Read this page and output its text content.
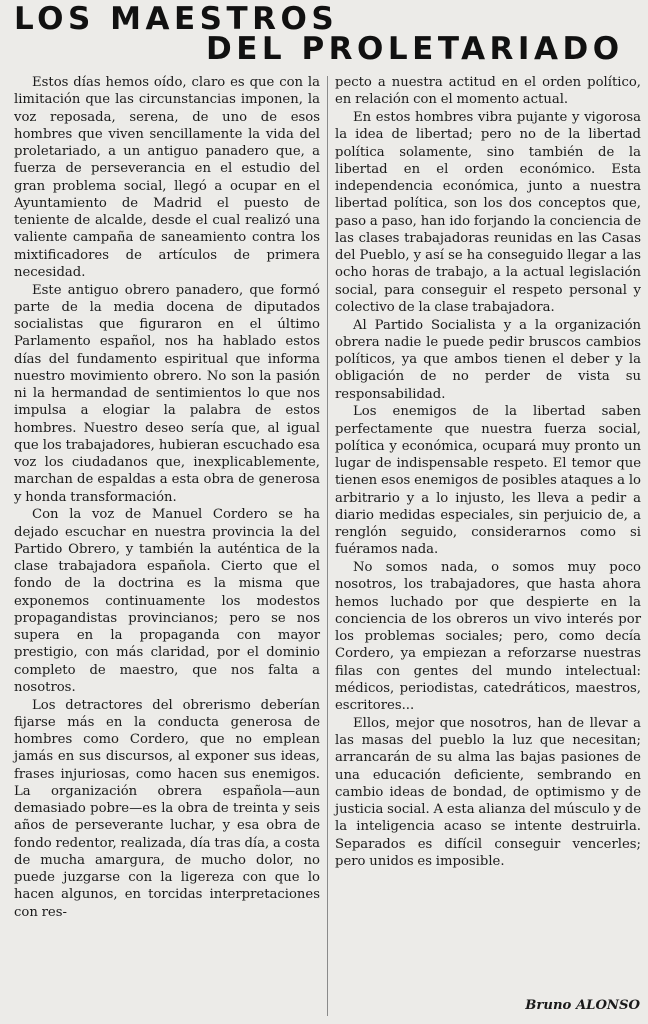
LOS MAESTROS
DEL PROLETARIADO

Estos días hemos oído, claro es que con la limitación que las circunstancias imponen, la voz reposada, serena, de uno de esos hombres que viven sencillamente la vida del proletariado, a un antiguo panadero que, a fuerza de perseverancia en el estudio del gran problema social, llegó a ocupar en el Ayuntamiento de Madrid el puesto de teniente de alcalde, desde el cual realizó una valiente campaña de saneamiento contra los mixtificadores de artículos de primera necesidad.

Este antiguo obrero panadero, que formó parte de la media docena de diputados socialistas que figuraron en el último Parlamento español, nos ha hablado estos días del fundamento espiritual que informa nuestro movimiento obrero. No son la pasión ni la hermandad de sentimientos lo que nos impulsa a elogiar la palabra de estos hombres. Nuestro deseo sería que, al igual que los trabajadores, hubieran escuchado esa voz los ciudadanos que, inexplicablemente, marchan de espaldas a esta obra de generosa y honda transformación.

Con la voz de Manuel Cordero se ha dejado escuchar en nuestra provincia la del Partido Obrero, y también la auténtica de la clase trabajadora española. Cierto que el fondo de la doctrina es la misma que exponemos continuamente los modestos propagandistas provincianos; pero se nos supera en la propaganda con mayor prestigio, con más claridad, por el dominio completo de maestro, que nos falta a nosotros.

Los detractores del obrerismo deberían fijarse más en la conducta generosa de hombres como Cordero, que no emplean jamás en sus discursos, al exponer sus ideas, frases injuriosas, como hacen sus enemigos. La organización obrera española—aun demasiado pobre—es la obra de treinta y seis años de perseverante luchar, y esa obra de fondo redentor, realizada, día tras día, a costa de mucha amargura, de mucho dolor, no puede juzgarse con la ligereza con que lo hacen algunos, en torcidas interpretaciones con res-

pecto a nuestra actitud en el orden político, en relación con el momento actual.

En estos hombres vibra pujante y vigorosa la idea de libertad; pero no de la libertad política solamente, sino también de la libertad en el orden económico. Esta independencia económica, junto a nuestra libertad política, son los dos conceptos que, paso a paso, han ido forjando la conciencia de las clases trabajadoras reunidas en las Casas del Pueblo, y así se ha conseguido llegar a las ocho horas de trabajo, a la actual legislación social, para conseguir el respeto personal y colectivo de la clase trabajadora.

Al Partido Socialista y a la organización obrera nadie le puede pedir bruscos cambios políticos, ya que ambos tienen el deber y la obligación de no perder de vista su responsabilidad.

Los enemigos de la libertad saben perfectamente que nuestra fuerza social, política y económica, ocupará muy pronto un lugar de indispensable respeto. El temor que tienen esos enemigos de posibles ataques a lo arbitrario y a lo injusto, les lleva a pedir a diario medidas especiales, sin perjuicio de, a renglón seguido, considerarnos como si fuéramos nada.

No somos nada, o somos muy poco nosotros, los trabajadores, que hasta ahora hemos luchado por que despierte en la conciencia de los obreros un vivo interés por los problemas sociales; pero, como decía Cordero, ya empiezan a reforzarse nuestras filas con gentes del mundo intelectual: médicos, periodistas, catedráticos, maestros, escritores...

Ellos, mejor que nosotros, han de llevar a las masas del pueblo la luz que necesitan; arrancarán de su alma las bajas pasiones de una educación deficiente, sembrando en cambio ideas de bondad, de optimismo y de justicia social. A esta alianza del músculo y de la inteligencia acaso se intente destruirla. Separados es difícil conseguir vencerles; pero unidos es imposible.

Bruno ALONSO
